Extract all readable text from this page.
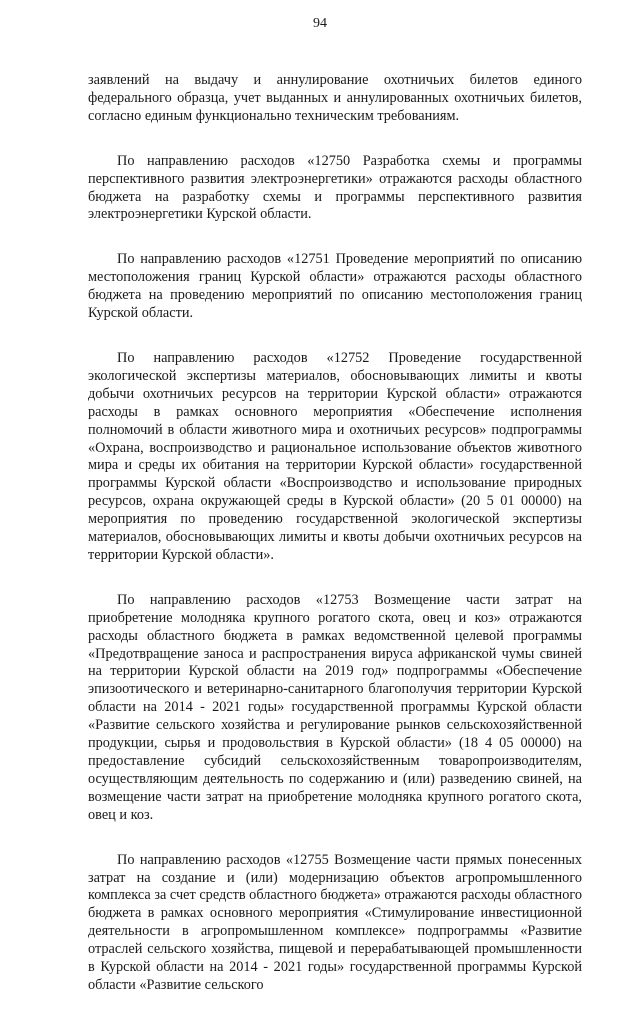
94

заявлений на выдачу и аннулирование охотничьих билетов единого федерального образца, учет выданных и аннулированных охотничьих билетов, согласно единым функционально техническим требованиям.

По направлению расходов «12750 Разработка схемы и программы перспективного развития электроэнергетики» отражаются расходы областного бюджета на разработку схемы и программы перспективного развития электроэнергетики Курской области.

По направлению расходов «12751 Проведение мероприятий по описанию местоположения границ Курской области» отражаются расходы областного бюджета на проведению мероприятий по описанию местоположения границ Курской области.

По направлению расходов «12752 Проведение государственной экологической экспертизы материалов, обосновывающих лимиты и квоты добычи охотничьих ресурсов на территории Курской области» отражаются расходы в рамках основного мероприятия «Обеспечение исполнения полномочий в области животного мира и охотничьих ресурсов» подпрограммы «Охрана, воспроизводство и рациональное использование объектов животного мира и среды их обитания на территории Курской области» государственной программы Курской области «Воспроизводство и использование природных ресурсов, охрана окружающей среды в Курской области» (20 5 01 00000) на мероприятия по проведению государственной экологической экспертизы материалов, обосновывающих лимиты и квоты добычи охотничьих ресурсов на территории Курской области».

По направлению расходов «12753 Возмещение части затрат на приобретение молодняка крупного рогатого скота, овец и коз» отражаются расходы областного бюджета в рамках ведомственной целевой программы «Предотвращение заноса и распространения вируса африканской чумы свиней на территории Курской области на 2019 год» подпрограммы «Обеспечение эпизоотического и ветеринарно-санитарного благополучия территории Курской области на 2014 - 2021 годы» государственной программы Курской области «Развитие сельского хозяйства и регулирование рынков сельскохозяйственной продукции, сырья и продовольствия в Курской области» (18 4 05 00000) на предоставление субсидий сельскохозяйственным товаропроизводителям, осуществляющим деятельность по содержанию и (или) разведению свиней, на возмещение части затрат на приобретение молодняка крупного рогатого скота, овец и коз.

По направлению расходов «12755 Возмещение части прямых понесенных затрат на создание и (или) модернизацию объектов агропромышленного комплекса за счет средств областного бюджета» отражаются расходы областного бюджета в рамках основного мероприятия «Стимулирование инвестиционной деятельности в агропромышленном комплексе» подпрограммы «Развитие отраслей сельского хозяйства, пищевой и перерабатывающей промышленности в Курской области на 2014 - 2021 годы» государственной программы Курской области «Развитие сельского
